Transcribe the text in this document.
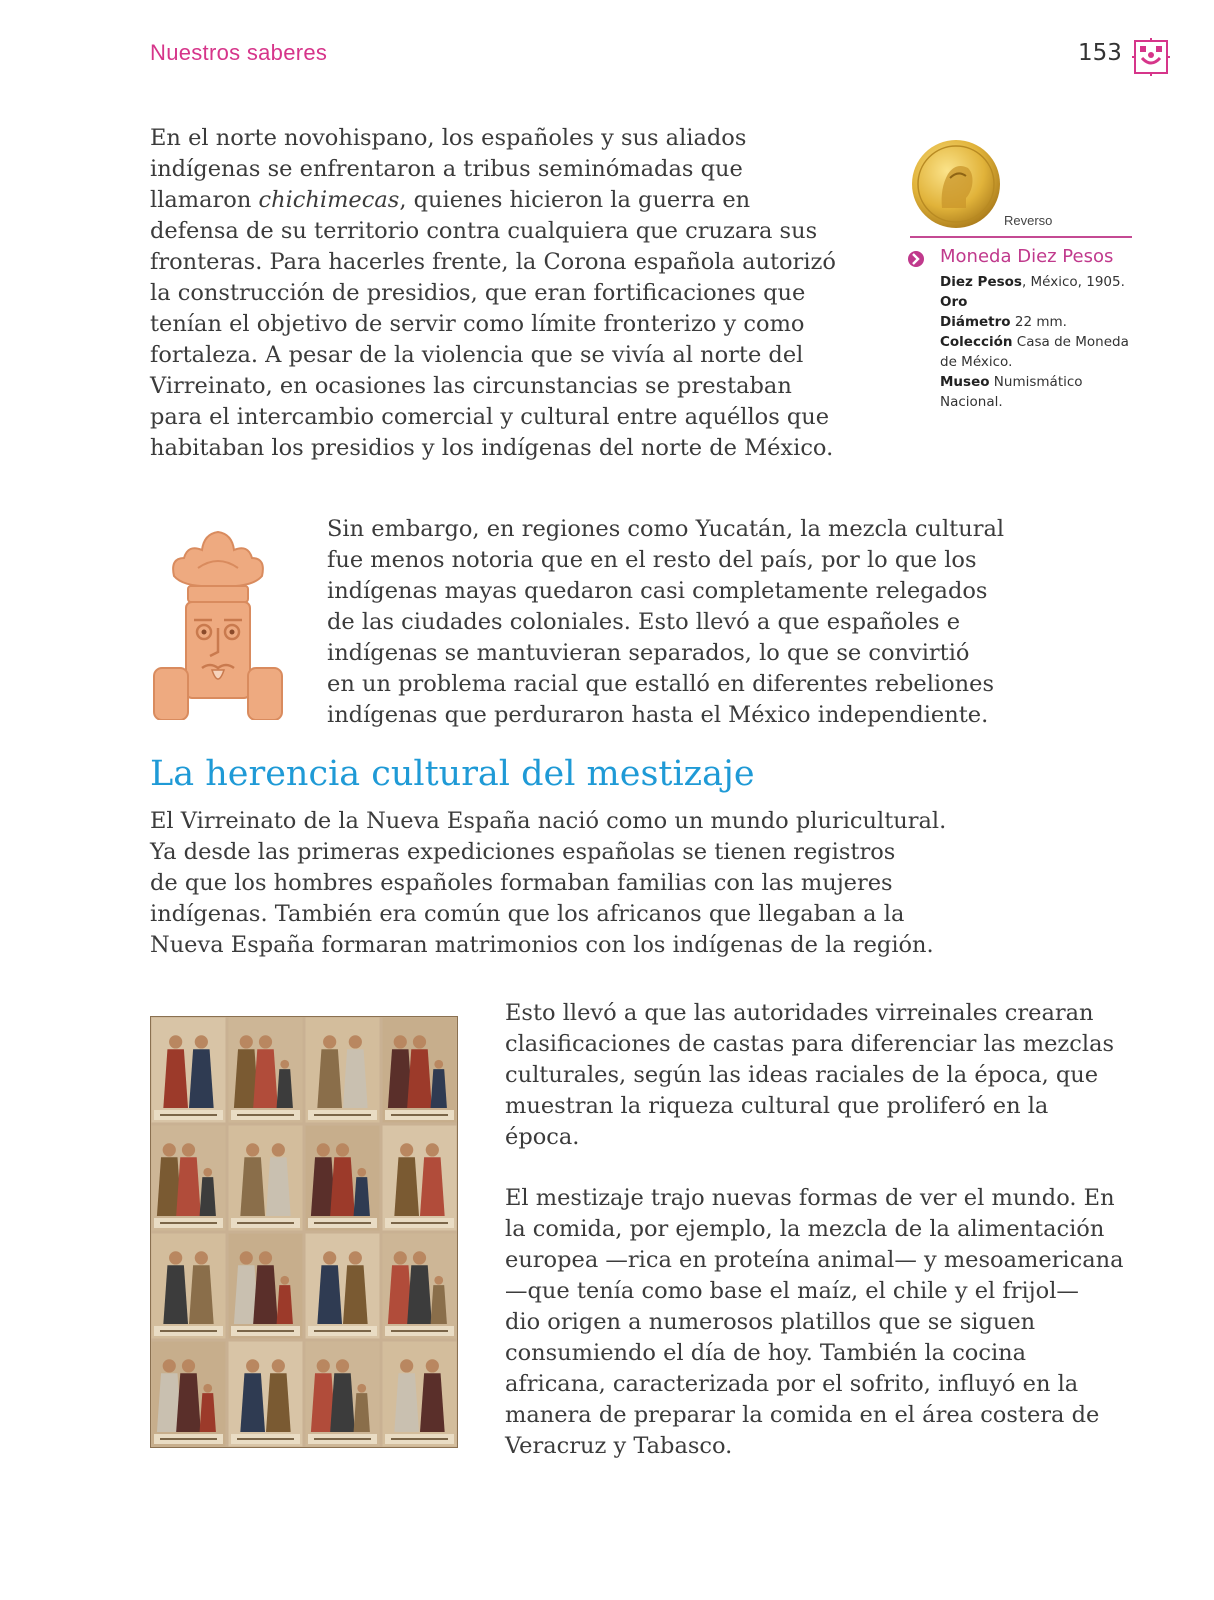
Nuestros saberes	153
En el norte novohispano, los españoles y sus aliados
indígenas se enfrentaron a tribus seminómadas que
llamaron chichimecas, quienes hicieron la guerra en
defensa de su territorio contra cualquiera que cruzara sus
fronteras. Para hacerles frente, la Corona española autorizó
la construcción de presidios, que eran fortificaciones que
tenían el objetivo de servir como límite fronterizo y como
fortaleza. A pesar de la violencia que se vivía al norte del
Virreinato, en ocasiones las circunstancias se prestaban
para el intercambio comercial y cultural entre aquéllos que
habitaban los presidios y los indígenas del norte de México.
Reverso
Moneda Diez Pesos
Diez Pesos, México, 1905.
Oro
Diámetro 22 mm.
Colección Casa de Moneda
de México.
Museo Numismático
Nacional.
Sin embargo, en regiones como Yucatán, la mezcla cultural
fue menos notoria que en el resto del país, por lo que los
indígenas mayas quedaron casi completamente relegados
de las ciudades coloniales. Esto llevó a que españoles e
indígenas se mantuvieran separados, lo que se convirtió
en un problema racial que estalló en diferentes rebeliones
indígenas que perduraron hasta el México independiente.
La herencia cultural del mestizaje
El Virreinato de la Nueva España nació como un mundo pluricultural.
Ya desde las primeras expediciones españolas se tienen registros
de que los hombres españoles formaban familias con las mujeres
indígenas. También era común que los africanos que llegaban a la
Nueva España formaran matrimonios con los indígenas de la región.
Esto llevó a que las autoridades virreinales crearan
clasificaciones de castas para diferenciar las mezclas
culturales, según las ideas raciales de la época, que
muestran la riqueza cultural que proliferó en la
época.
El mestizaje trajo nuevas formas de ver el mundo. En
la comida, por ejemplo, la mezcla de la alimentación
europea —rica en proteína animal— y mesoamericana
—que tenía como base el maíz, el chile y el frijol—
dio origen a numerosos platillos que se siguen
consumiendo el día de hoy. También la cocina
africana, caracterizada por el sofrito, influyó en la
manera de preparar la comida en el área costera de
Veracruz y Tabasco.
